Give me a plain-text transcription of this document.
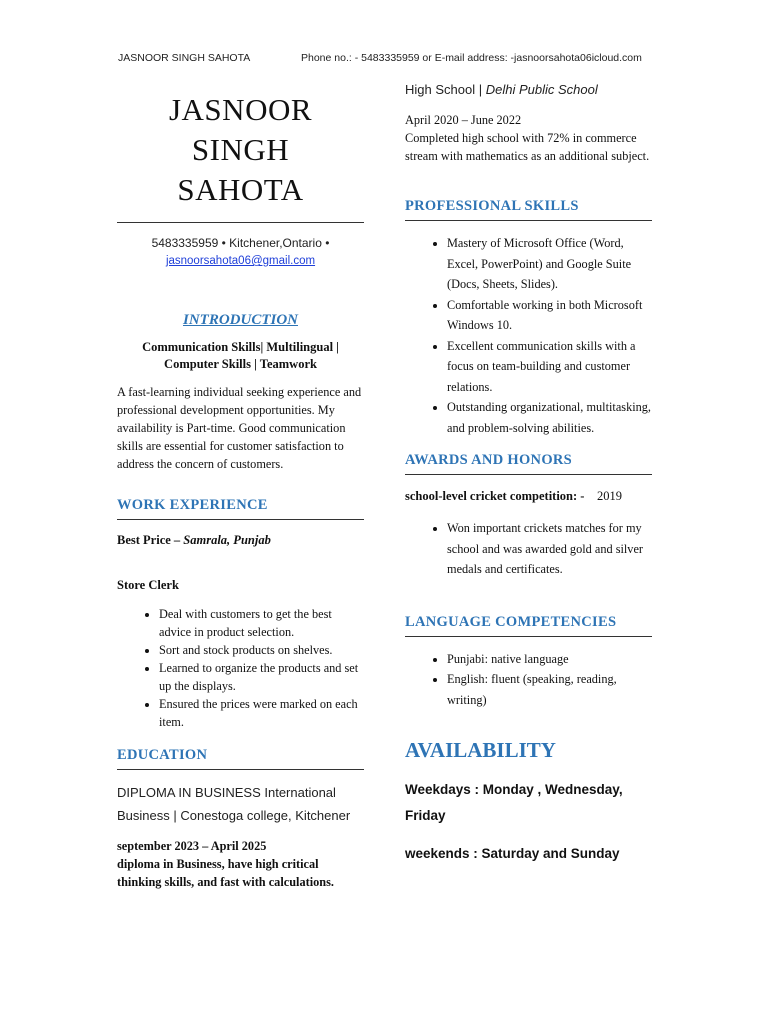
JASNOOR SINGH SAHOTA	Phone no.: - 5483335959 or E-mail address: -jasnoorsahota06icloud.com
JASNOOR SINGH
SAHOTA
5483335959 • Kitchener,Ontario •
jasnoorsahota06@gmail.com
INTRODUCTION
Communication Skills| Multilingual |
Computer Skills | Teamwork
A fast-learning individual seeking experience and professional development opportunities. My availability is Part-time. Good communication skills are essential for customer satisfaction to address the concern of customers.
WORK EXPERIENCE
Best Price – Samrala, Punjab
Store Clerk
• Deal with customers to get the best advice in product selection.
• Sort and stock products on shelves.
• Learned to organize the products and set up the displays.
• Ensured the prices were marked on each item.
EDUCATION
DIPLOMA IN BUSINESS International Business | Conestoga college, Kitchener
september 2023 – April 2025
diploma in Business, have high critical thinking skills, and fast with calculations.
High School | Delhi Public School
April 2020 – June 2022
Completed high school with 72% in commerce stream with mathematics as an additional subject.
PROFESSIONAL SKILLS
• Mastery of Microsoft Office (Word, Excel, PowerPoint) and Google Suite (Docs, Sheets, Slides).
• Comfortable working in both Microsoft Windows 10.
• Excellent communication skills with a focus on team-building and customer relations.
• Outstanding organizational, multitasking, and problem-solving abilities.
AWARDS AND HONORS
school-level cricket competition: -    2019
• Won important crickets matches for my school and was awarded gold and silver medals and certificates.
LANGUAGE COMPETENCIES
• Punjabi: native language
• English: fluent (speaking, reading, writing)
AVAILABILITY
Weekdays : Monday , Wednesday, Friday
weekends : Saturday and Sunday
